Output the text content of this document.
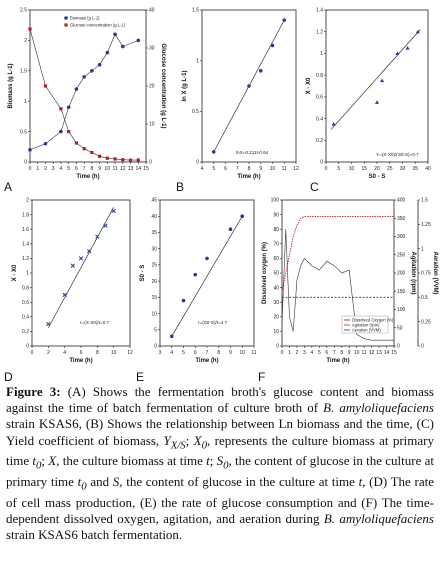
0 1 2 3 4 5 6 7 8 9 10 11 12 13 14 15
0
0.5
1
1.5
2
2.5
Time (h)
Biomass (g L-1)
0
10
20
30
40
Glucose concentration (g L-1)
Biomass (g L-1)
Glucose concentration (g L-1)
4 5 6 7 8 9 10 11 12
0
0.5
1
1.5
Time (h)
ln X (g L-1)
lnX=0.211t-0.64
0 5 10 15 20 25 30 35 40
0
0.2
0.4
0.6
0.8
1
1.2
1.4
S0 - S
X - X0
Y=(X-X0)/(S0-S)=0.7
0	2	4	6	8 10 12
0
0.2
0.4
0.6
0.8
1
1.2
1.4
1.6
1.8
2
Time (h)
X - X0
r=(X-X0)/t=0.7
3 4 5 6 7 8 9 10 11
0
5
10
15
20
25
30
35
40
45
Time (h)
S0 - S
r=(S0-S)/t=4.7
0 1 2 3 4 5 6 7 8 9 10 11 12 13 14 15
0
10
20
30
40
50
60
70
80
90
100
Time (h)
Dissolved oxygen (%)
0
50
100
150
200
250
300
350
400
0
0.25
0.5
0.75
1
1.25
1.5
Agitation (rpm)	Aeration (VVM)
Dissolved Oxygen (%)
Agitation (rpm)
Aeration (VVM)
A	B	C
D	E	F
Figure 3: (A) Shows the fermentation broth's glucose content and biomass against the time of batch fermentation of culture broth of B. amyloliquefaciens strain KSAS6, (B) Shows the relationship between Ln biomass and the time, (C) Yield coefficient of biomass, $Y_{X/S}$; $X_0$, represents the culture biomass at primary time $t_0$; X, the culture biomass at time t; $S_0$, the content of glucose in the culture at primary time $t_0$ and S, the content of glucose in the culture at time t, (D) The rate of cell mass production, (E) the rate of glucose consumption and (F) The time-dependent dissolved oxygen, agitation, and aeration during B. amyloliquefaciens strain KSAS6 batch fermentation.
